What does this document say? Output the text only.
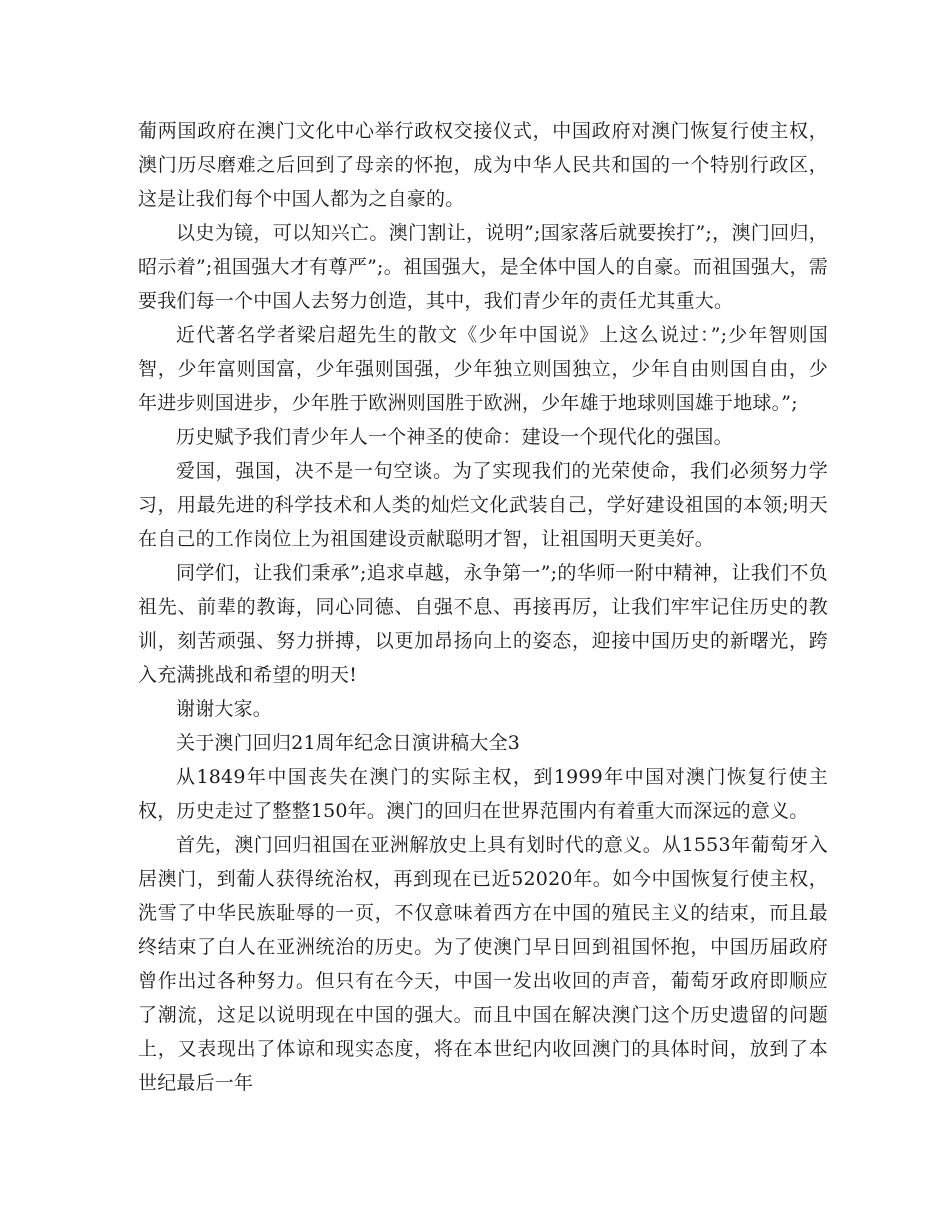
葡两国政府在澳门文化中心举行政权交接仪式，中国政府对澳门恢复行使主权，澳门历尽磨难之后回到了母亲的怀抱，成为中华人民共和国的一个特别行政区，这是让我们每个中国人都为之自豪的。

以史为镜，可以知兴亡。澳门割让，说明”;国家落后就要挨打”;，澳门回归，昭示着”;祖国强大才有尊严”;。祖国强大，是全体中国人的自豪。而祖国强大，需要我们每一个中国人去努力创造，其中，我们青少年的责任尤其重大。

近代著名学者梁启超先生的散文《少年中国说》上这么说过：”;少年智则国智，少年富则国富，少年强则国强，少年独立则国独立，少年自由则国自由，少年进步则国进步，少年胜于欧洲则国胜于欧洲，少年雄于地球则国雄于地球。”;

历史赋予我们青少年人一个神圣的使命：建设一个现代化的强国。

爱国，强国，决不是一句空谈。为了实现我们的光荣使命，我们必须努力学习，用最先进的科学技术和人类的灿烂文化武装自己，学好建设祖国的本领;明天在自己的工作岗位上为祖国建设贡献聪明才智，让祖国明天更美好。

同学们，让我们秉承”;追求卓越，永争第一”;的华师一附中精神，让我们不负祖先、前辈的教诲，同心同德、自强不息、再接再厉，让我们牢牢记住历史的教训，刻苦顽强、努力拼搏，以更加昂扬向上的姿态，迎接中国历史的新曙光，跨入充满挑战和希望的明天!

谢谢大家。

关于澳门回归21周年纪念日演讲稿大全3

从1849年中国丧失在澳门的实际主权，到1999年中国对澳门恢复行使主权，历史走过了整整150年。澳门的回归在世界范围内有着重大而深远的意义。

首先，澳门回归祖国在亚洲解放史上具有划时代的意义。从1553年葡萄牙入居澳门，到葡人获得统治权，再到现在已近52020年。如今中国恢复行使主权，洗雪了中华民族耻辱的一页，不仅意味着西方在中国的殖民主义的结束，而且最终结束了白人在亚洲统治的历史。为了使澳门早日回到祖国怀抱，中国历届政府曾作出过各种努力。但只有在今天，中国一发出收回的声音，葡萄牙政府即顺应了潮流，这足以说明现在中国的强大。而且中国在解决澳门这个历史遗留的问题上，又表现出了体谅和现实态度，将在本世纪内收回澳门的具体时间，放到了本世纪最后一年
